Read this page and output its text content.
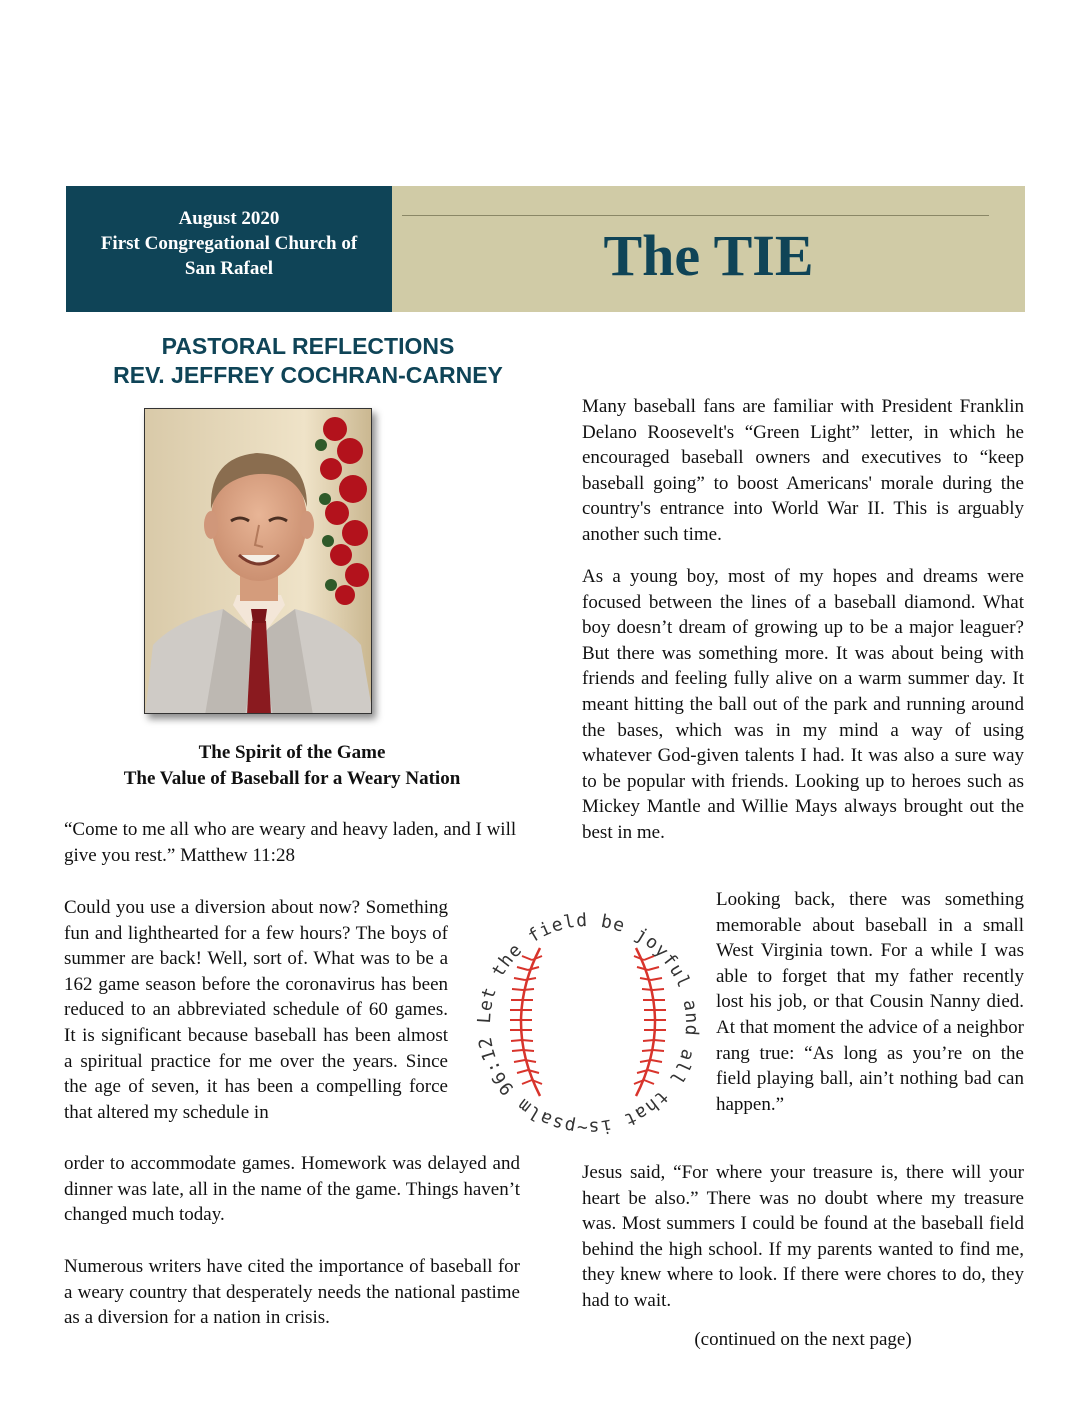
August 2020
First Congregational Church of
San Rafael	The TIE
PASTORAL REFLECTIONS
REV. JEFFREY COCHRAN-CARNEY
The Spirit of the Game
The Value of Baseball for a Weary Nation
“Come to me all who are weary and heavy laden, and I will give you rest.” Matthew 11:28
Could you use a diversion about now? Something fun and lighthearted for a few hours? The boys of summer are back! Well, sort of. What was to be a 162 game season before the coronavirus has been reduced to an abbreviated schedule of 60 games. It is significant because baseball has been almost a spiritual practice for me over the years. Since the age of seven, it has been a compelling force that altered my schedule in
order to accommodate games. Homework was delayed and dinner was late, all in the name of the game. Things haven’t changed much today.
Numerous writers have cited the importance of baseball for a weary country that desperately needs the national pastime as a diversion for a nation in crisis.
Many baseball fans are familiar with President Franklin Delano Roosevelt's “Green Light” letter, in which he encouraged baseball owners and executives to “keep baseball going” to boost Americans' morale during the country's entrance into World War II. This is arguably another such time.
As a young boy, most of my hopes and dreams were focused between the lines of a baseball diamond. What boy doesn’t dream of growing up to be a major leaguer? But there was something more. It was about being with friends and feeling fully alive on a warm summer day. It meant hitting the ball out of the park and running around the bases, which was in my mind a way of using whatever God-given talents I had. It was also a sure way to be popular with friends. Looking up to heroes such as Mickey Mantle and Willie Mays always brought out the best in me.
Looking back, there was something memorable about baseball in a small West Virginia town. For a while I was able to forget that my father recently lost his job, or that Cousin Nanny died. At that moment the advice of a neighbor rang true: “As long as you’re on the field playing ball, ain’t nothing bad can happen.”
Jesus said, “For where your treasure is, there will your heart be also.” There was no doubt where my treasure was. Most summers I could be found at the baseball field behind the high school. If my parents wanted to find me, they knew where to look. If there were chores to do, they had to wait.
(continued on the next page)
~psalm 96:12 Let the field be joyful and all that is
